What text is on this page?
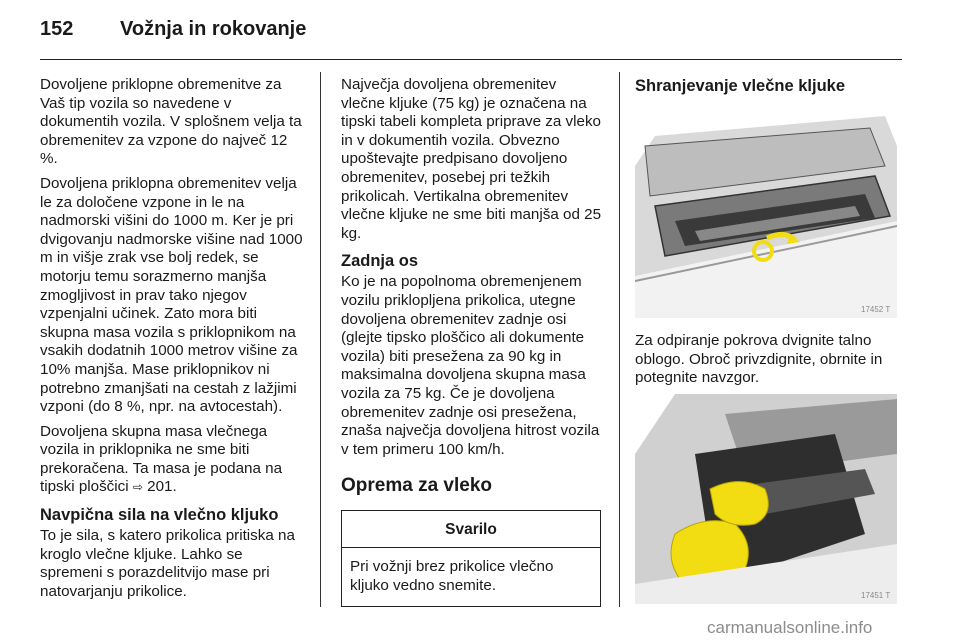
152 Vožnja in rokovanje

Dovoljene priklopne obremenitve za Vaš tip vozila so navedene v dokumentih vozila. V splošnem velja ta obremenitev za vzpone do največ 12 %.

Dovoljena priklopna obremenitev velja le za določene vzpone in le na nadmorski višini do 1000 m. Ker je pri dvigovanju nadmorske višine nad 1000 m in višje zrak vse bolj redek, se motorju temu sorazmerno manjša zmogljivost in prav tako njegov vzpenjalni učinek. Zato mora biti skupna masa vozila s priklopnikom na vsakih dodatnih 1000 metrov višine za 10% manjša. Mase priklopnikov ni potrebno zmanjšati na cestah z lažjimi vzponi (do 8 %, npr. na avtocestah).

Dovoljena skupna masa vlečnega vozila in priklopnika ne sme biti prekoračena. Ta masa je podana na tipski ploščici ⇨ 201.

Navpična sila na vlečno kljuko

To je sila, s katero prikolica pritiska na kroglo vlečne kljuke. Lahko se spremeni s porazdelitvijo mase pri natovarjanju prikolice.

Največja dovoljena obremenitev vlečne kljuke (75 kg) je označena na tipski tabeli kompleta priprave za vleko in v dokumentih vozila. Obvezno upoštevajte predpisano dovoljeno obremenitev, posebej pri težkih prikolicah. Vertikalna obremenitev vlečne kljuke ne sme biti manjša od 25 kg.

Zadnja os

Ko je na popolnoma obremenjenem vozilu priklopljena prikolica, utegne dovoljena obremenitev zadnje osi (glejte tipsko ploščico ali dokumente vozila) biti presežena za 90 kg in maksimalna dovoljena skupna masa vozila za 75 kg. Če je dovoljena obremenitev zadnje osi presežena, znaša največja dovoljena hitrost vozila v tem primeru 100 km/h.

Oprema za vleko
Svarilo
Pri vožnji brez prikolice vlečno kljuko vedno snemite.
Shranjevanje vlečne kljuke
17452 T

Za odpiranje pokrova dvignite talno oblogo. Obroč privzdignite, obrnite in potegnite navzgor.

17451 T
carmanualsonline.info
